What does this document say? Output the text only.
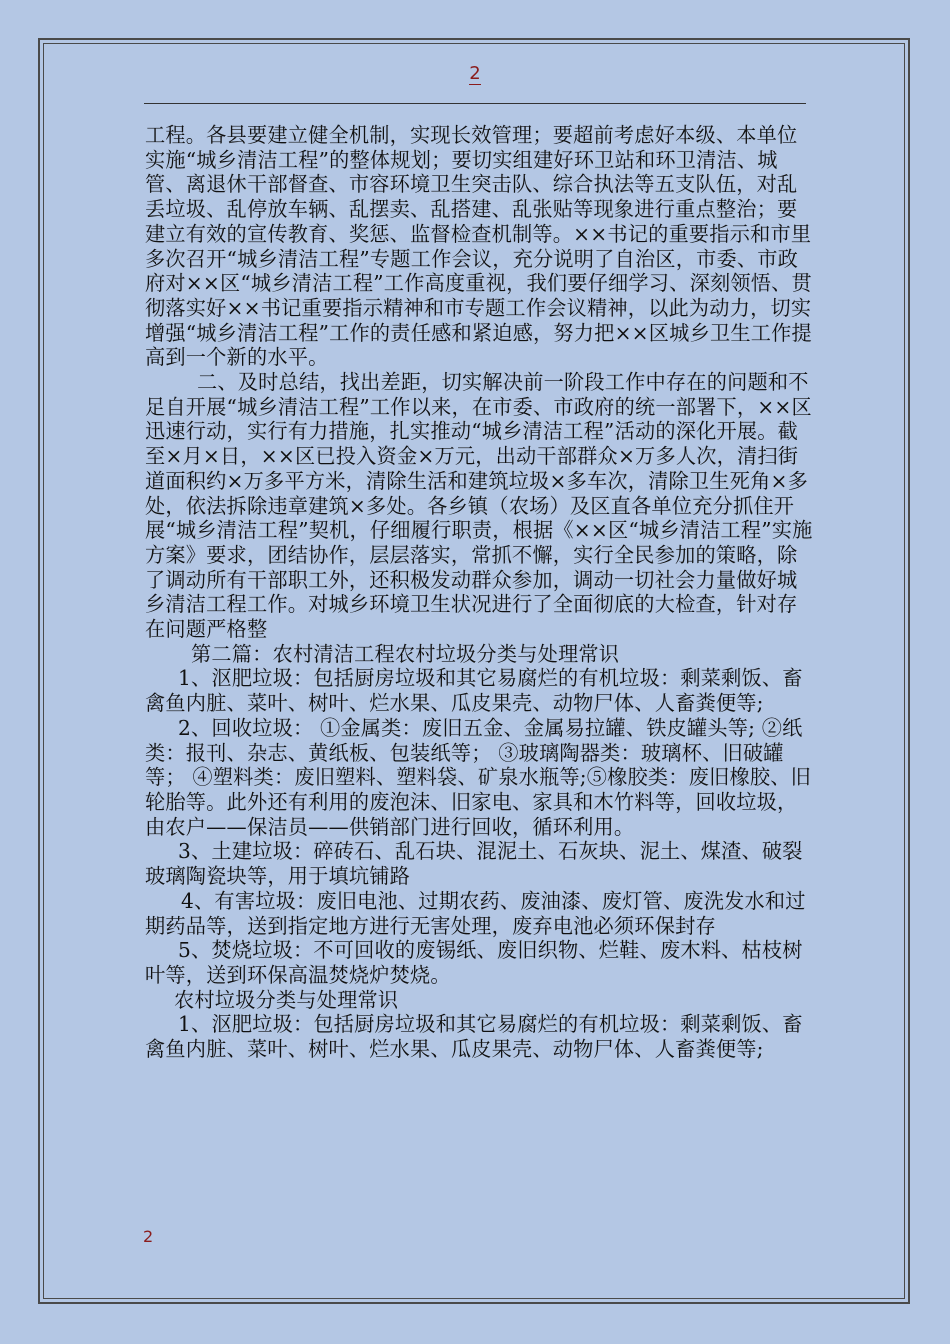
2

工程。各县要建立健全机制，实现长效管理；要超前考虑好本级、本单位实施“城乡清洁工程”的整体规划；要切实组建好环卫站和环卫清洁、城管、离退休干部督查、市容环境卫生突击队、综合执法等五支队伍，对乱丢垃圾、乱停放车辆、乱摆卖、乱搭建、乱张贴等现象进行重点整治；要建立有效的宣传教育、奖惩、监督检查机制等。××书记的重要指示和市里多次召开“城乡清洁工程”专题工作会议，充分说明了自治区，市委、市政府对××区“城乡清洁工程”工作高度重视，我们要仔细学习、深刻领悟、贯彻落实好××书记重要指示精神和市专题工作会议精神，以此为动力，切实增强“城乡清洁工程”工作的责任感和紧迫感，努力把××区城乡卫生工作提高到一个新的水平。

二、及时总结，找出差距，切实解决前一阶段工作中存在的问题和不足自开展“城乡清洁工程”工作以来，在市委、市政府的统一部署下，××区迅速行动，实行有力措施，扎实推动“城乡清洁工程”活动的深化开展。截至×月×日，××区已投入资金×万元，出动干部群众×万多人次，清扫街道面积约×万多平方米，清除生活和建筑垃圾×多车次，清除卫生死角×多处，依法拆除违章建筑×多处。各乡镇（农场）及区直各单位充分抓住开展“城乡清洁工程”契机，仔细履行职责，根据《××区“城乡清洁工程”实施方案》要求，团结协作，层层落实，常抓不懈，实行全民参加的策略，除了调动所有干部职工外，还积极发动群众参加，调动一切社会力量做好城乡清洁工程工作。对城乡环境卫生状况进行了全面彻底的大检查，针对存在问题严格整

第二篇：农村清洁工程农村垃圾分类与处理常识

1、沤肥垃圾：包括厨房垃圾和其它易腐烂的有机垃圾：剩菜剩饭、畜禽鱼内脏、菜叶、树叶、烂水果、瓜皮果壳、动物尸体、人畜粪便等;

2、回收垃圾： ①金属类：废旧五金、金属易拉罐、铁皮罐头等; ②纸类：报刊、杂志、黄纸板、包装纸等； ③玻璃陶器类：玻璃杯、旧破罐等； ④塑料类：废旧塑料、塑料袋、矿泉水瓶等;⑤橡胶类：废旧橡胶、旧轮胎等。此外还有利用的废泡沫、旧家电、家具和木竹料等，回收垃圾，由农户——保洁员——供销部门进行回收，循环利用。

3、土建垃圾：碎砖石、乱石块、混泥土、石灰块、泥土、煤渣、破裂玻璃陶瓷块等，用于填坑铺路

4、有害垃圾：废旧电池、过期农药、废油漆、废灯管、废洗发水和过期药品等，送到指定地方进行无害处理，废弃电池必须环保封存

5、焚烧垃圾：不可回收的废锡纸、废旧织物、烂鞋、废木料、枯枝树叶等，送到环保高温焚烧炉焚烧。

农村垃圾分类与处理常识

1、沤肥垃圾：包括厨房垃圾和其它易腐烂的有机垃圾：剩菜剩饭、畜禽鱼内脏、菜叶、树叶、烂水果、瓜皮果壳、动物尸体、人畜粪便等;

2
